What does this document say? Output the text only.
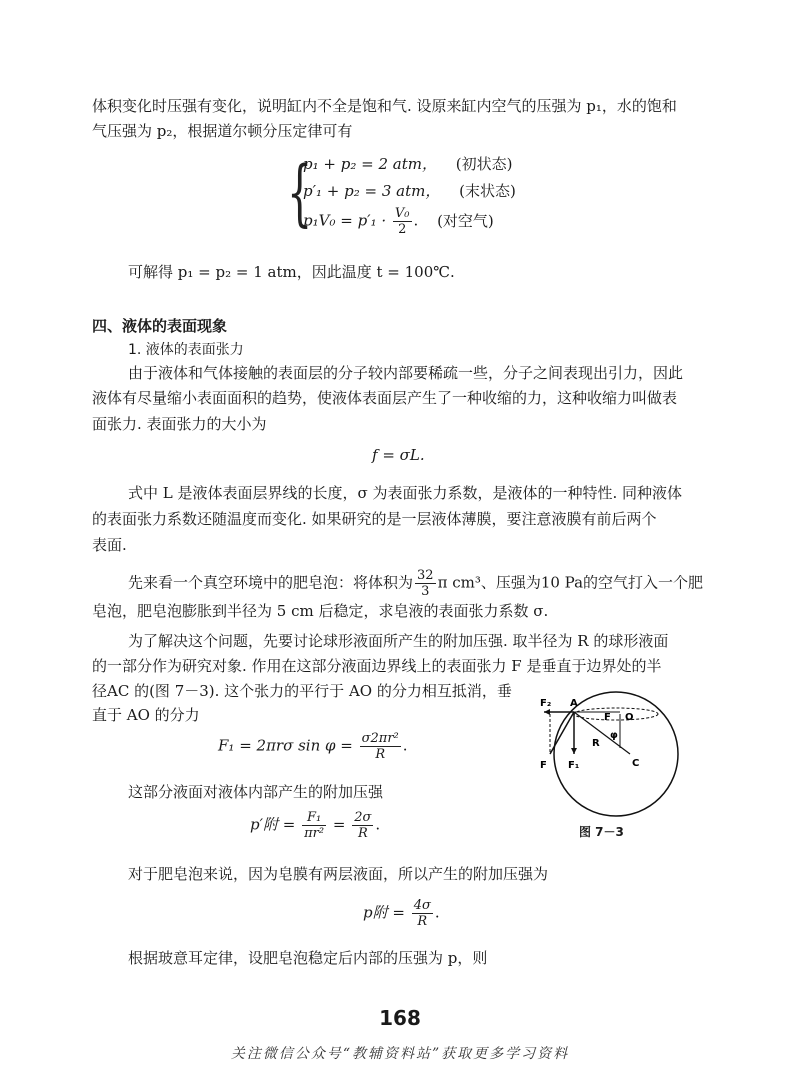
体积变化时压强有变化，说明缸内不全是饱和气. 设原来缸内空气的压强为 p₁，水的饱和
气压强为 p₂，根据道尔顿分压定律可有
{
p₁ + p₂ = 2 atm， (初状态)
p′₁ + p₂ = 3 atm， (末状态)
$p_1V_0 = p'_1 \cdot \frac{\text{V₀}}{2}$ . (对空气)
可解得 p₁ = p₂ = 1 atm，因此温度 t = 100℃.
四、液体的表面现象
1. 液体的表面张力
由于液体和气体接触的表面层的分子较内部要稀疏一些，分子之间表现出引力，因此
液体有尽量缩小表面面积的趋势，使液体表面层产生了一种收缩的力，这种收缩力叫做表
面张力. 表面张力的大小为
f = σL.
式中 L 是液体表面层界线的长度，σ 为表面张力系数，是液体的一种特性. 同种液体
的表面张力系数还随温度而变化. 如果研究的是一层液体薄膜，要注意液膜有前后两个
表面.
先来看一个真空环境中的肥皂泡：将体积为 $\frac{32}{3}$ π cm³、压强为10 Pa的空气打入一个肥
皂泡，肥皂泡膨胀到半径为 5 cm 后稳定，求皂液的表面张力系数 σ.
为了解决这个问题，先要讨论球形液面所产生的附加压强. 取半径为 R 的球形液面
的一部分作为研究对象. 作用在这部分液面边界线上的表面张力 F 是垂直于边界处的半
径AC 的(图 7－3). 这个张力的平行于 AO 的分力相互抵消，垂
直于 AO 的分力
F₁ = 2πrσ $\sin \varphi = \frac{\text{σ2πr²}}{R}$ .
F₂ A
F O
R
φ
F F₁	C
图 7－3
这部分液面对液体内部产生的附加压强
p′附 = $\frac{\text{F₁}}{\text{πr²}} = \frac{2\sigma}{R}$ .
对于肥皂泡来说，因为皂膜有两层液面，所以产生的附加压强为
p附 = $\frac{4\sigma}{R}$ .
根据玻意耳定律，设肥皂泡稳定后内部的压强为 p，则
168
关注微信公众号“教辅资料站”获取更多学习资料
